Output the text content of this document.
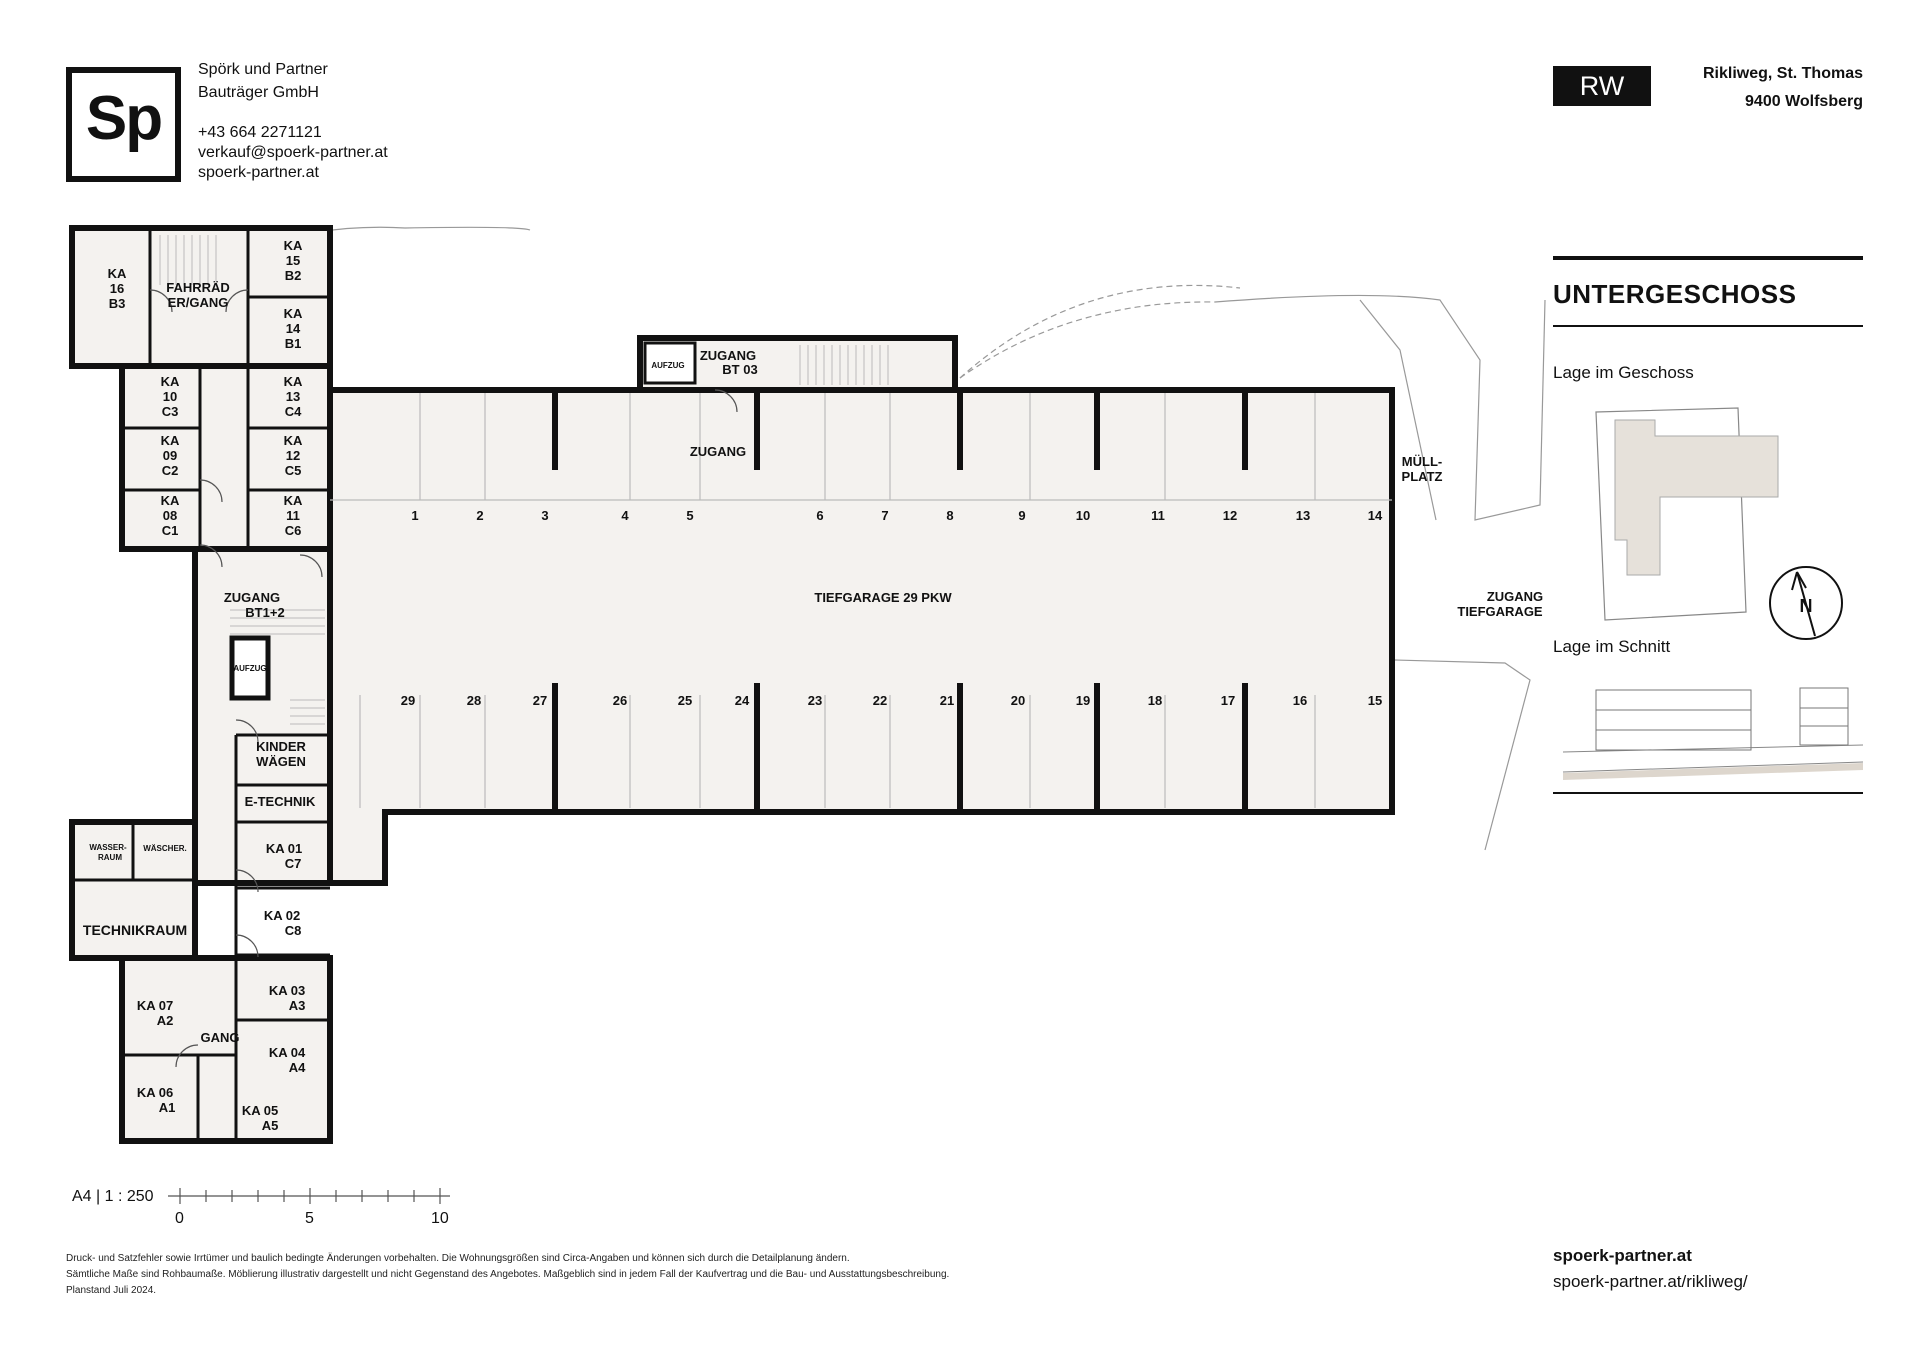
Sp
Spörk und Partner
Bauträger GmbH
+43 664 2271121
verkauf@spoerk-partner.at
spoerk-partner.at
RW	Rikliweg, St. Thomas
9400 Wolfsberg
UNTERGESCHOSS
Lage im Geschoss
Lage im Schnitt
KA
16
B3
FAHRRÄD
ER/GANG
KA
15
B2
KA
14
B1
KA
10
C3
KA
13
C4
KA
09
C2
KA
12
C5
KA
08
C1
KA
11
C6
ZUGANG
BT1+2
KINDER
WÄGEN
E-TECHNIK
KA 01
C7
KA 02
C8
TECHNIKRAUM
KA 07
A2
KA 03
A3
GANG
KA 04
A4
KA 06
A1	KA 05
A5
ZUGANG
BT 03
ZUGANG
MÜLL-
PLATZ
ZUGANG
TIEFGARAGE
TIEFGARAGE 29 PKW	N
AUFZUG
AUFZUG
WASSER-
RAUM
WÄSCHER.
1	2	3	4	5	6	7	8	9	10	11	12	13	14
29	28	27	26	25	24	23	22	21	20	19	18	17	16	15
A4 | 1 : 250
0	5	10
Druck- und Satzfehler sowie Irrtümer und baulich bedingte Änderungen vorbehalten. Die Wohnungsgrößen sind Circa-Angaben und können sich durch die Detailplanung ändern.
Sämtliche Maße sind Rohbaumaße. Möblierung illustrativ dargestellt und nicht Gegenstand des Angebotes. Maßgeblich sind in jedem Fall der Kaufvertrag und die Bau- und Ausstattungsbeschreibung.
Planstand Juli 2024.
spoerk-partner.at
spoerk-partner.at/rikliweg/
